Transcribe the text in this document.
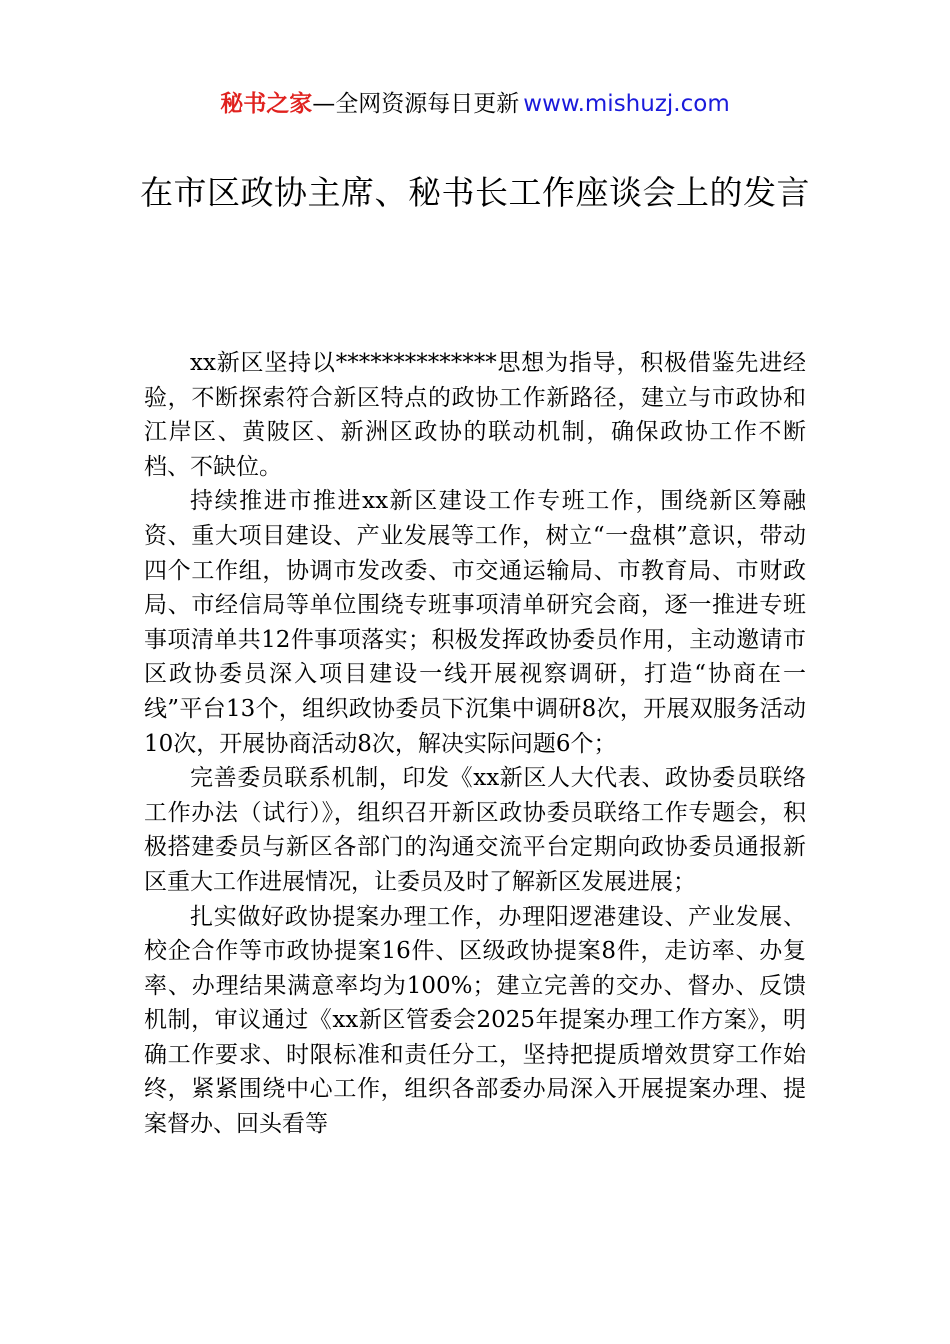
秘书之家—全网资源每日更新 www.mishuzj.com
在市区政协主席、秘书长工作座谈会上的发言

xx新区坚持以**************思想为指导，积极借鉴先进经验，不断探索符合新区特点的政协工作新路径，建立与市政协和江岸区、黄陂区、新洲区政协的联动机制，确保政协工作不断档、不缺位。

持续推进市推进xx新区建设工作专班工作，围绕新区筹融资、重大项目建设、产业发展等工作，树立“一盘棋”意识，带动四个工作组，协调市发改委、市交通运输局、市教育局、市财政局、市经信局等单位围绕专班事项清单研究会商，逐一推进专班事项清单共12件事项落实；积极发挥政协委员作用，主动邀请市区政协委员深入项目建设一线开展视察调研，打造“协商在一线”平台13个，组织政协委员下沉集中调研8次，开展双服务活动10次，开展协商活动8次，解决实际问题6个；

完善委员联系机制，印发《xx新区人大代表、政协委员联络工作办法（试行）》，组织召开新区政协委员联络工作专题会，积极搭建委员与新区各部门的沟通交流平台定期向政协委员通报新区重大工作进展情况，让委员及时了解新区发展进展；

扎实做好政协提案办理工作，办理阳逻港建设、产业发展、校企合作等市政协提案16件、区级政协提案8件，走访率、办复率、办理结果满意率均为100%；建立完善的交办、督办、反馈机制，审议通过《xx新区管委会2025年提案办理工作方案》，明确工作要求、时限标准和责任分工，坚持把提质增效贯穿工作始终，紧紧围绕中心工作，组织各部委办局深入开展提案办理、提案督办、回头看等
